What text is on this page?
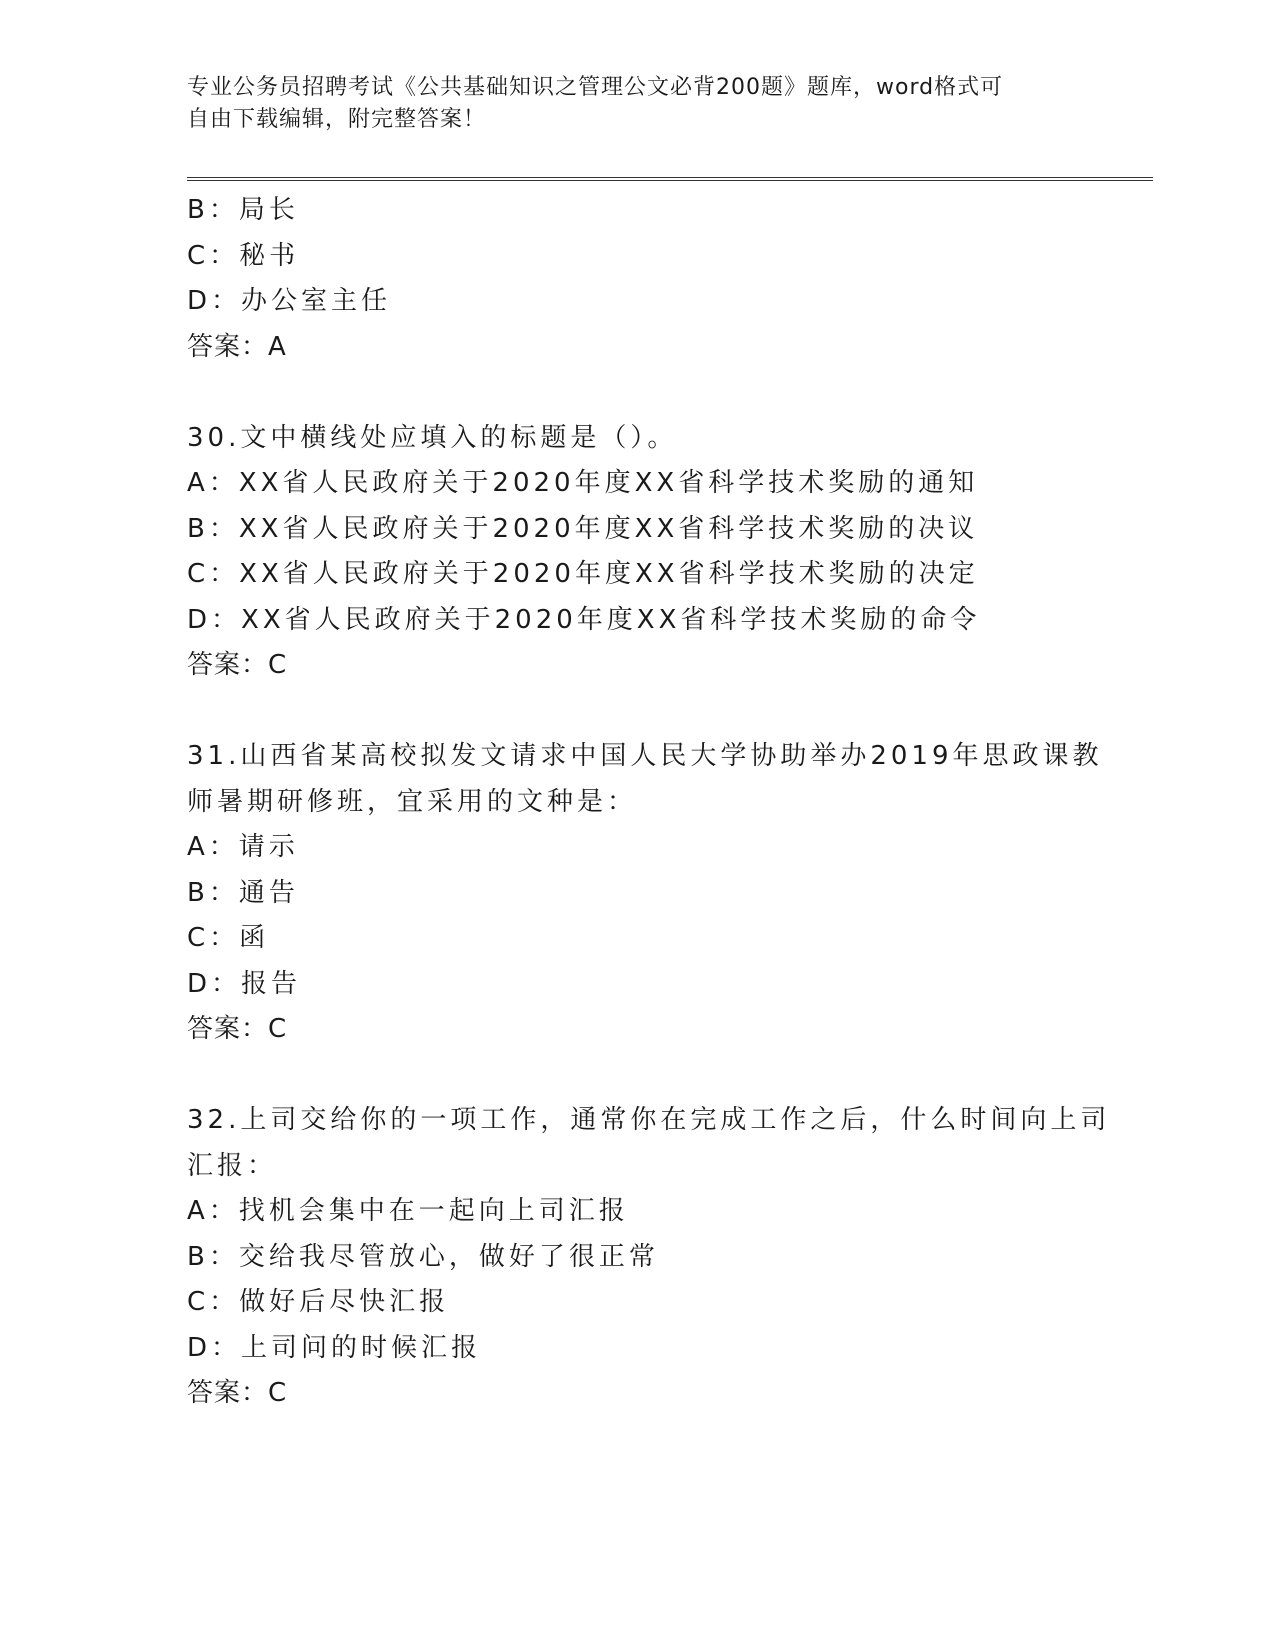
专业公务员招聘考试《公共基础知识之管理公文必背200题》题库，word格式可
自由下载编辑，附完整答案！
B：局长
C：秘书
D：办公室主任
答案：A
30.文中横线处应填入的标题是（）。
A：XX省人民政府关于2020年度XX省科学技术奖励的通知
B：XX省人民政府关于2020年度XX省科学技术奖励的决议
C：XX省人民政府关于2020年度XX省科学技术奖励的决定
D：XX省人民政府关于2020年度XX省科学技术奖励的命令
答案：C
31.山西省某高校拟发文请求中国人民大学协助举办2019年思政课教
师暑期研修班，宜采用的文种是：
A：请示
B：通告
C：函
D：报告
答案：C
32.上司交给你的一项工作，通常你在完成工作之后，什么时间向上司
汇报：
A：找机会集中在一起向上司汇报
B：交给我尽管放心，做好了很正常
C：做好后尽快汇报
D：上司问的时候汇报
答案：C
